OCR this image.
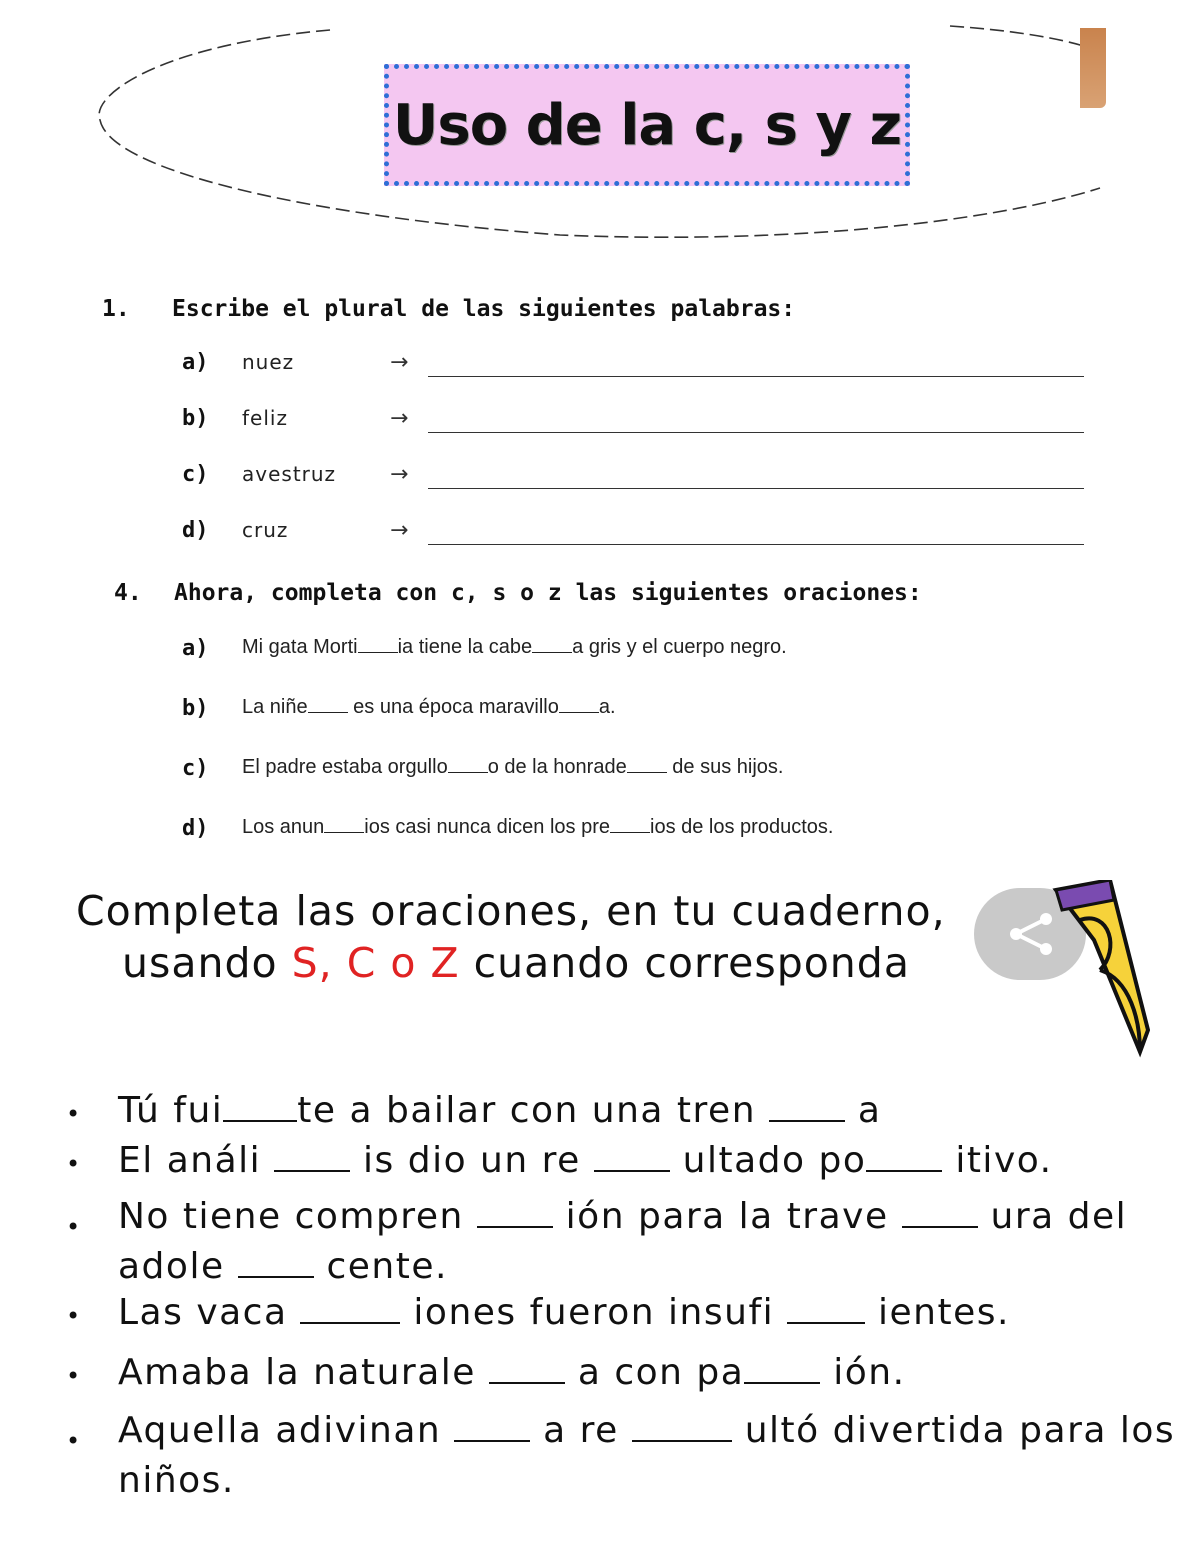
Uso de la c, s y z
1. Escribe el plural de las siguientes palabras:
a) nuez	→
b) feliz	→
c) avestruz →
d) cruz	→
4. Ahora, completa con c, s o z las siguientes oraciones:
a) Mi gata Morti ia tiene la cabe a gris y el cuerpo negro.
b) La niñe es una época maravillo a.
c) El padre estaba orgullo o de la honrade de sus hijos.
d) Los anun ios casi nunca dicen los pre ios de los productos.
Completa las oraciones, en tu cuaderno,
usando S, C o Z cuando corresponda
• Tú fui te a bailar con una tren  a
• El análi  is dio un re  ultado po itivo.
• No tiene compren  ión para la trave  ura del adole  cente.
• Las vaca	iones fueron insufi  ientes.
• Amaba la naturale  a con pa ión.
• Aquella adivinan  a re	ultó divertida para los niños.
